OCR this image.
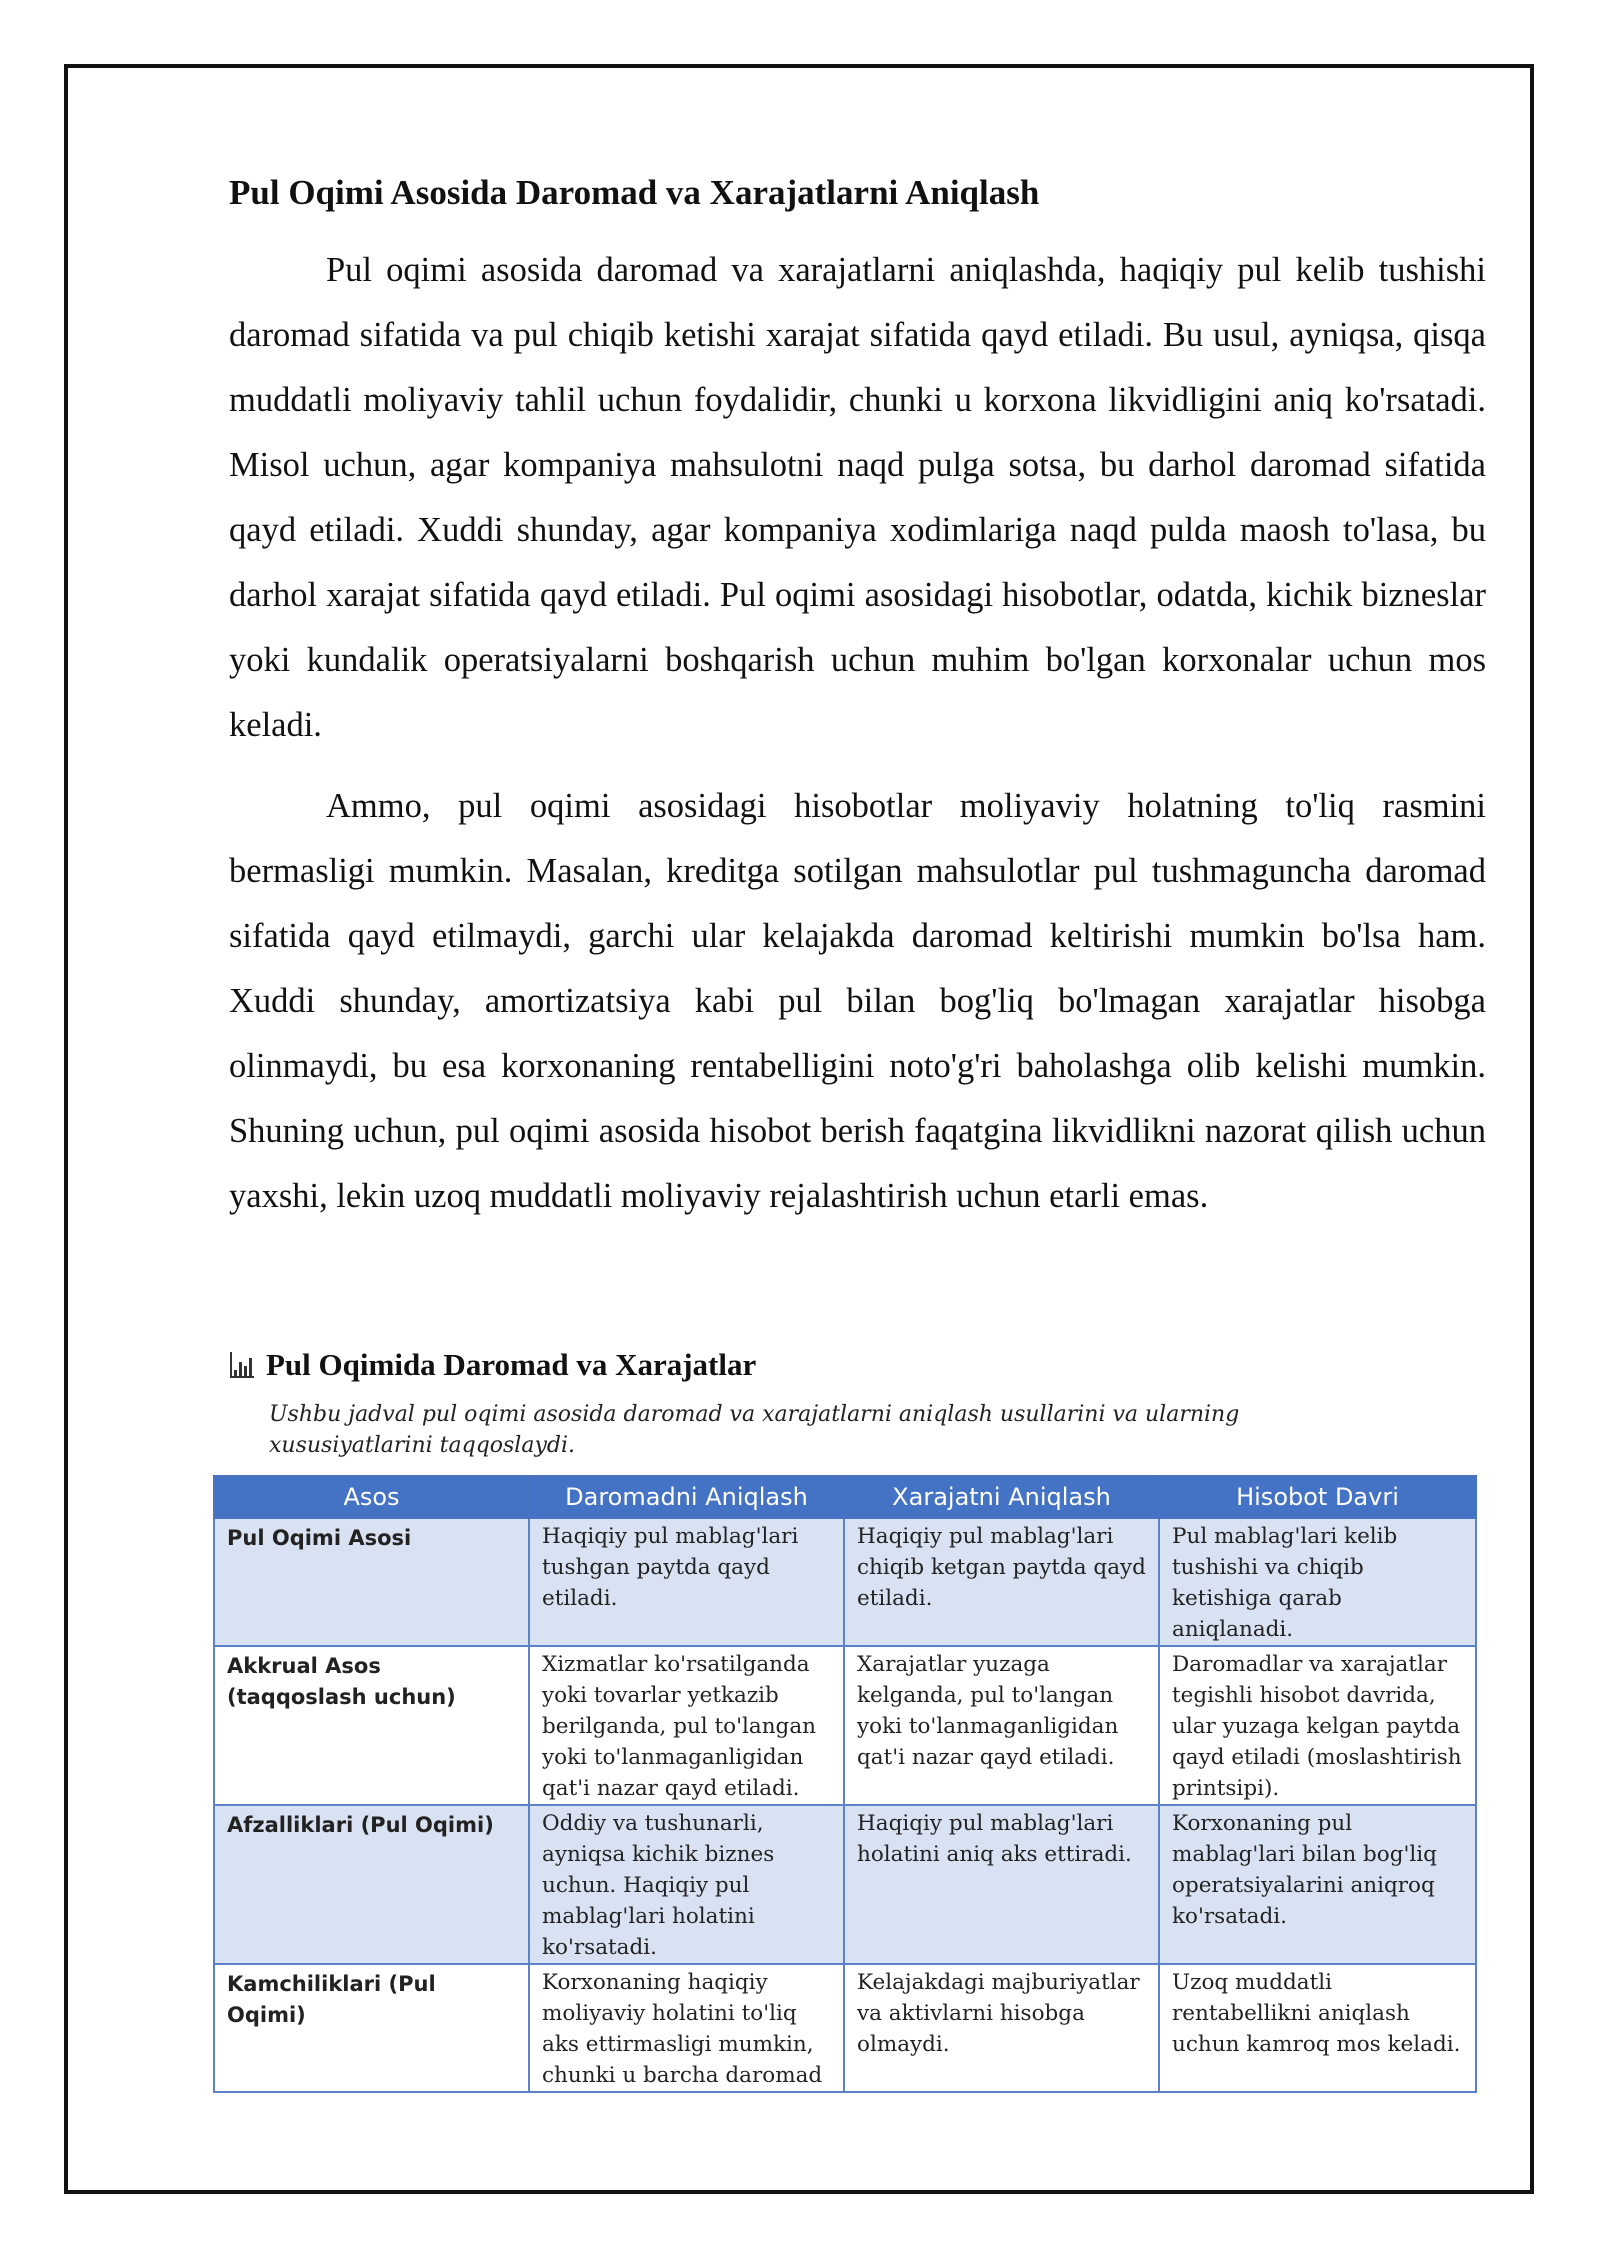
Pul Oqimi Asosida Daromad va Xarajatlarni Aniqlash

Pul oqimi asosida daromad va xarajatlarni aniqlashda, haqiqiy pul kelib tushishi daromad sifatida va pul chiqib ketishi xarajat sifatida qayd etiladi. Bu usul, ayniqsa, qisqa muddatli moliyaviy tahlil uchun foydalidir, chunki u korxona likvidligini aniq ko'rsatadi. Misol uchun, agar kompaniya mahsulotni naqd pulga sotsa, bu darhol daromad sifatida qayd etiladi. Xuddi shunday, agar kompaniya xodimlariga naqd pulda maosh to'lasa, bu darhol xarajat sifatida qayd etiladi. Pul oqimi asosidagi hisobotlar, odatda, kichik bizneslar yoki kundalik operatsiyalarni boshqarish uchun muhim bo'lgan korxonalar uchun mos keladi.

Ammo, pul oqimi asosidagi hisobotlar moliyaviy holatning to'liq rasmini bermasligi mumkin. Masalan, kreditga sotilgan mahsulotlar pul tushmaguncha daromad sifatida qayd etilmaydi, garchi ular kelajakda daromad keltirishi mumkin bo'lsa ham. Xuddi shunday, amortizatsiya kabi pul bilan bog'liq bo'lmagan xarajatlar hisobga olinmaydi, bu esa korxonaning rentabelligini noto'g'ri baholashga olib kelishi mumkin. Shuning uchun, pul oqimi asosida hisobot berish faqatgina likvidlikni nazorat qilish uchun yaxshi, lekin uzoq muddatli moliyaviy rejalashtirish uchun etarli emas.

Pul Oqimida Daromad va Xarajatlar
Ushbu jadval pul oqimi asosida daromad va xarajatlarni aniqlash usullarini va ularning xususiyatlarini taqqoslaydi.
Asos	Daromadni Aniqlash	Xarajatni Aniqlash	Hisobot Davri
Pul Oqimi Asosi	Haqiqiy pul mablag'lari tushgan paytda qayd etiladi.	Haqiqiy pul mablag'lari chiqib ketgan paytda qayd etiladi.	Pul mablag'lari kelib tushishi va chiqib ketishiga qarab aniqlanadi.
Akkrual Asos (taqqoslash uchun)	Xizmatlar ko'rsatilganda yoki tovarlar yetkazib berilganda, pul to'langan yoki to'lanmaganligidan qat'i nazar qayd etiladi.	Xarajatlar yuzaga kelganda, pul to'langan yoki to'lanmaganligidan qat'i nazar qayd etiladi.	Daromadlar va xarajatlar tegishli hisobot davrida, ular yuzaga kelgan paytda qayd etiladi (moslashtirish printsipi).
Afzalliklari (Pul Oqimi)	Oddiy va tushunarli, ayniqsa kichik biznes uchun. Haqiqiy pul mablag'lari holatini ko'rsatadi.	Haqiqiy pul mablag'lari holatini aniq aks ettiradi.	Korxonaning pul mablag'lari bilan bog'liq operatsiyalarini aniqroq ko'rsatadi.
Kamchiliklari (Pul Oqimi)	Korxonaning haqiqiy moliyaviy holatini to'liq aks ettirmasligi mumkin, chunki u barcha daromad	Kelajakdagi majburiyatlar va aktivlarni hisobga olmaydi.	Uzoq muddatli rentabellikni aniqlash uchun kamroq mos keladi.
